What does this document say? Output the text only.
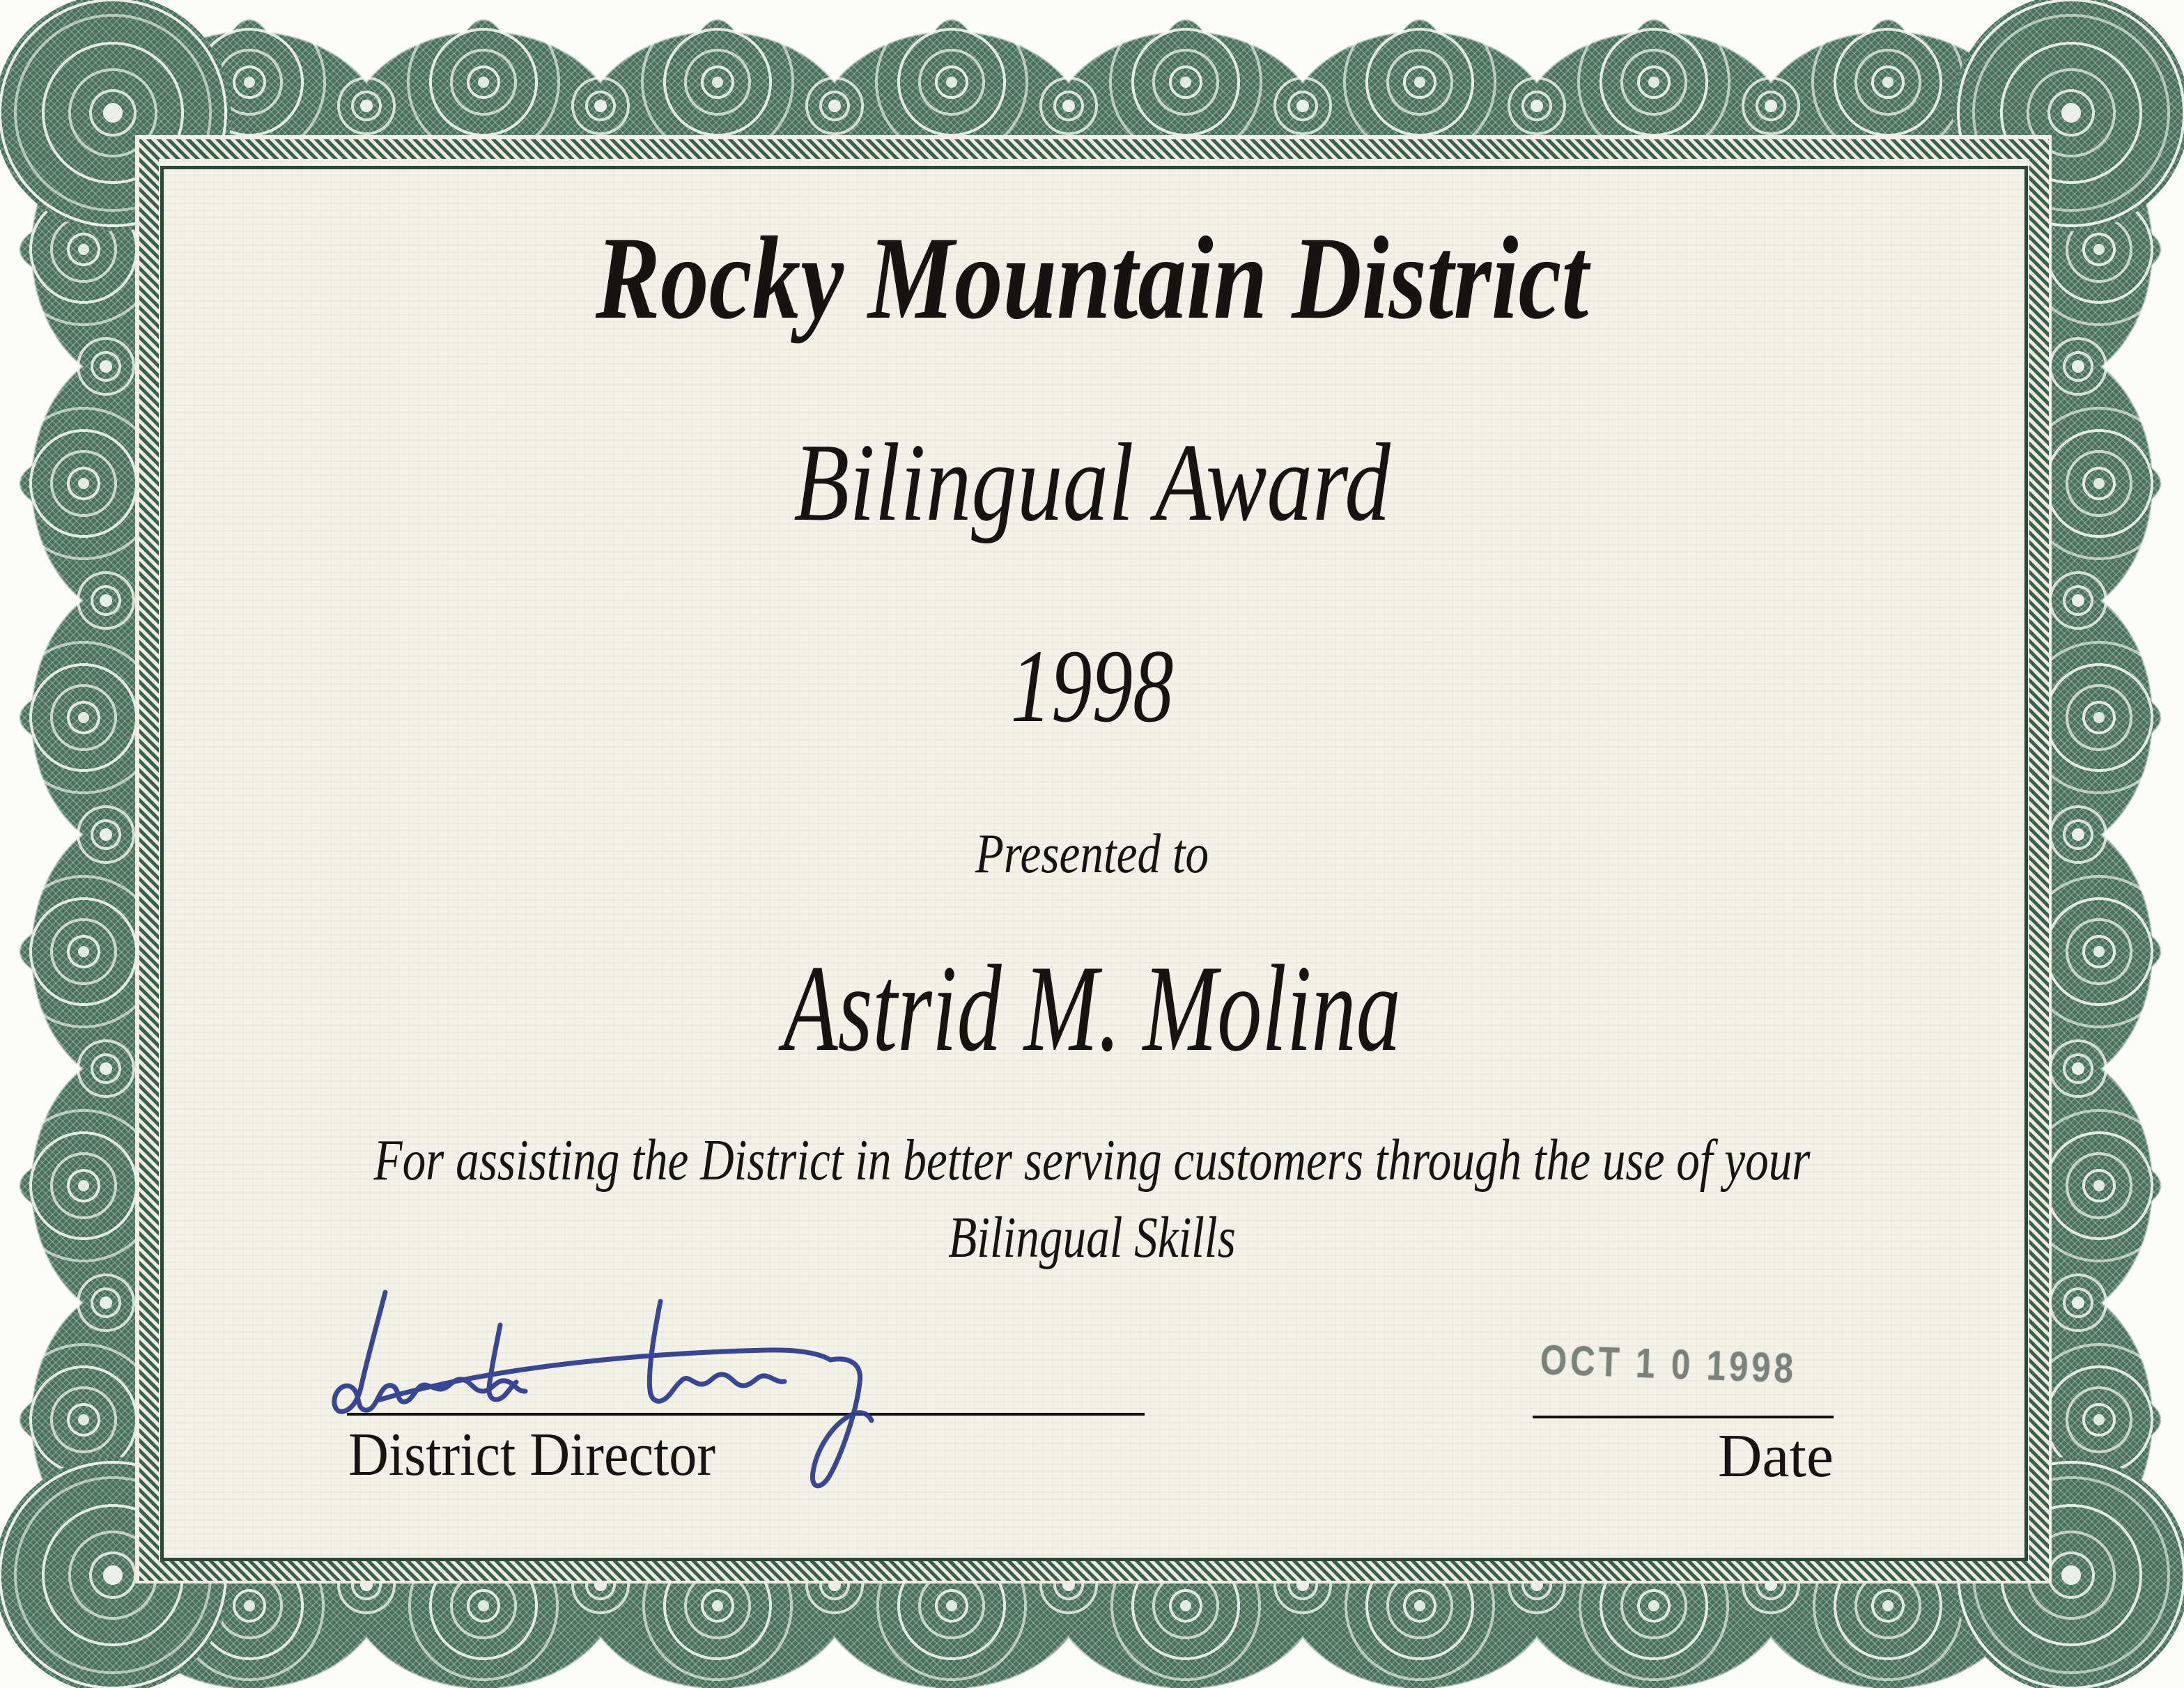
Rocky Mountain District
Bilingual Award
1998
Presented to
Astrid M. Molina
For assisting the District in better serving customers through the use of your
Bilingual Skills
District Director
OCT 1 0 1998
Date
